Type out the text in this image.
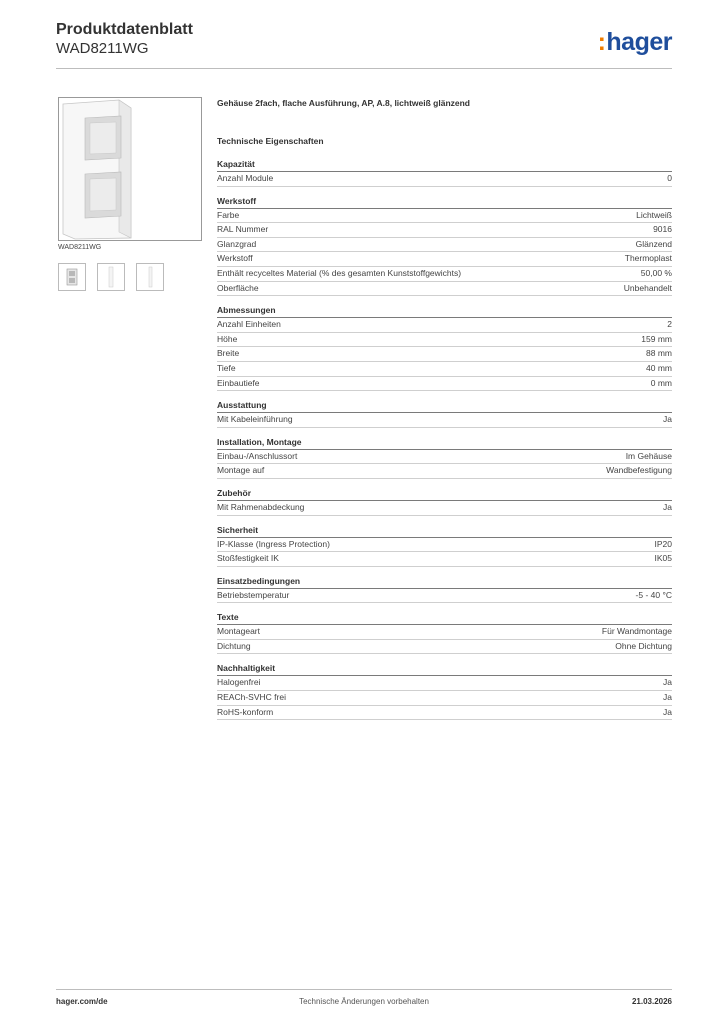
Produktdatenblatt
WAD8211WG	:hager
WAD8211WG
Gehäuse 2fach, flache Ausführung, AP, A.8, lichtweiß glänzend
Technische Eigenschaften
Kapazität
Anzahl Module	0
Werkstoff
Farbe	Lichtweiß
RAL Nummer	9016
Glanzgrad	Glänzend
Werkstoff	Thermoplast
Enthält recyceltes Material (% des gesamten Kunststoffgewichts)	50,00 %
Oberfläche	Unbehandelt
Abmessungen
Anzahl Einheiten	2
Höhe	159 mm
Breite	88 mm
Tiefe	40 mm
Einbautiefe	0 mm
Ausstattung
Mit Kabeleinführung	Ja
Installation, Montage
Einbau-/Anschlussort	Im Gehäuse
Montage auf	Wandbefestigung
Zubehör
Mit Rahmenabdeckung	Ja
Sicherheit
IP-Klasse (Ingress Protection)	IP20
Stoßfestigkeit IK	IK05
Einsatzbedingungen
Betriebstemperatur	-5 - 40 °C
Texte
Montageart	Für Wandmontage
Dichtung	Ohne Dichtung
Nachhaltigkeit
Halogenfrei	Ja
REACh-SVHC frei	Ja
RoHS-konform	Ja
hager.com/de	Technische Änderungen vorbehalten	21.03.2026
